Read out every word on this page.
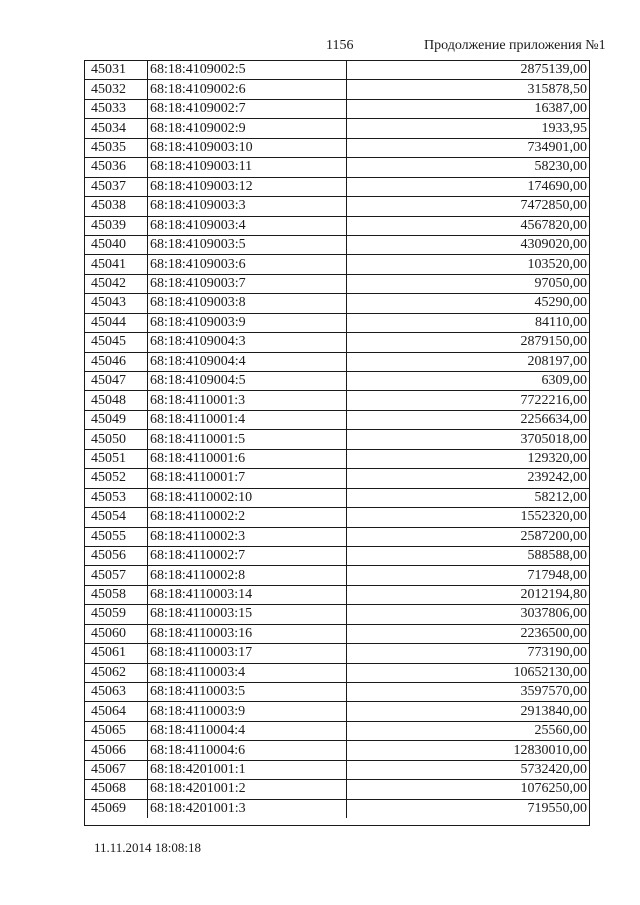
1156	Продолжение приложения №1
45031	68:18:4109002:5	2875139,00
45032	68:18:4109002:6	315878,50
45033	68:18:4109002:7	16387,00
45034	68:18:4109002:9	1933,95
45035	68:18:4109003:10	734901,00
45036	68:18:4109003:11	58230,00
45037	68:18:4109003:12	174690,00
45038	68:18:4109003:3	7472850,00
45039	68:18:4109003:4	4567820,00
45040	68:18:4109003:5	4309020,00
45041	68:18:4109003:6	103520,00
45042	68:18:4109003:7	97050,00
45043	68:18:4109003:8	45290,00
45044	68:18:4109003:9	84110,00
45045	68:18:4109004:3	2879150,00
45046	68:18:4109004:4	208197,00
45047	68:18:4109004:5	6309,00
45048	68:18:4110001:3	7722216,00
45049	68:18:4110001:4	2256634,00
45050	68:18:4110001:5	3705018,00
45051	68:18:4110001:6	129320,00
45052	68:18:4110001:7	239242,00
45053	68:18:4110002:10	58212,00
45054	68:18:4110002:2	1552320,00
45055	68:18:4110002:3	2587200,00
45056	68:18:4110002:7	588588,00
45057	68:18:4110002:8	717948,00
45058	68:18:4110003:14	2012194,80
45059	68:18:4110003:15	3037806,00
45060	68:18:4110003:16	2236500,00
45061	68:18:4110003:17	773190,00
45062	68:18:4110003:4	10652130,00
45063	68:18:4110003:5	3597570,00
45064	68:18:4110003:9	2913840,00
45065	68:18:4110004:4	25560,00
45066	68:18:4110004:6	12830010,00
45067	68:18:4201001:1	5732420,00
45068	68:18:4201001:2	1076250,00
45069	68:18:4201001:3	719550,00
11.11.2014 18:08:18
